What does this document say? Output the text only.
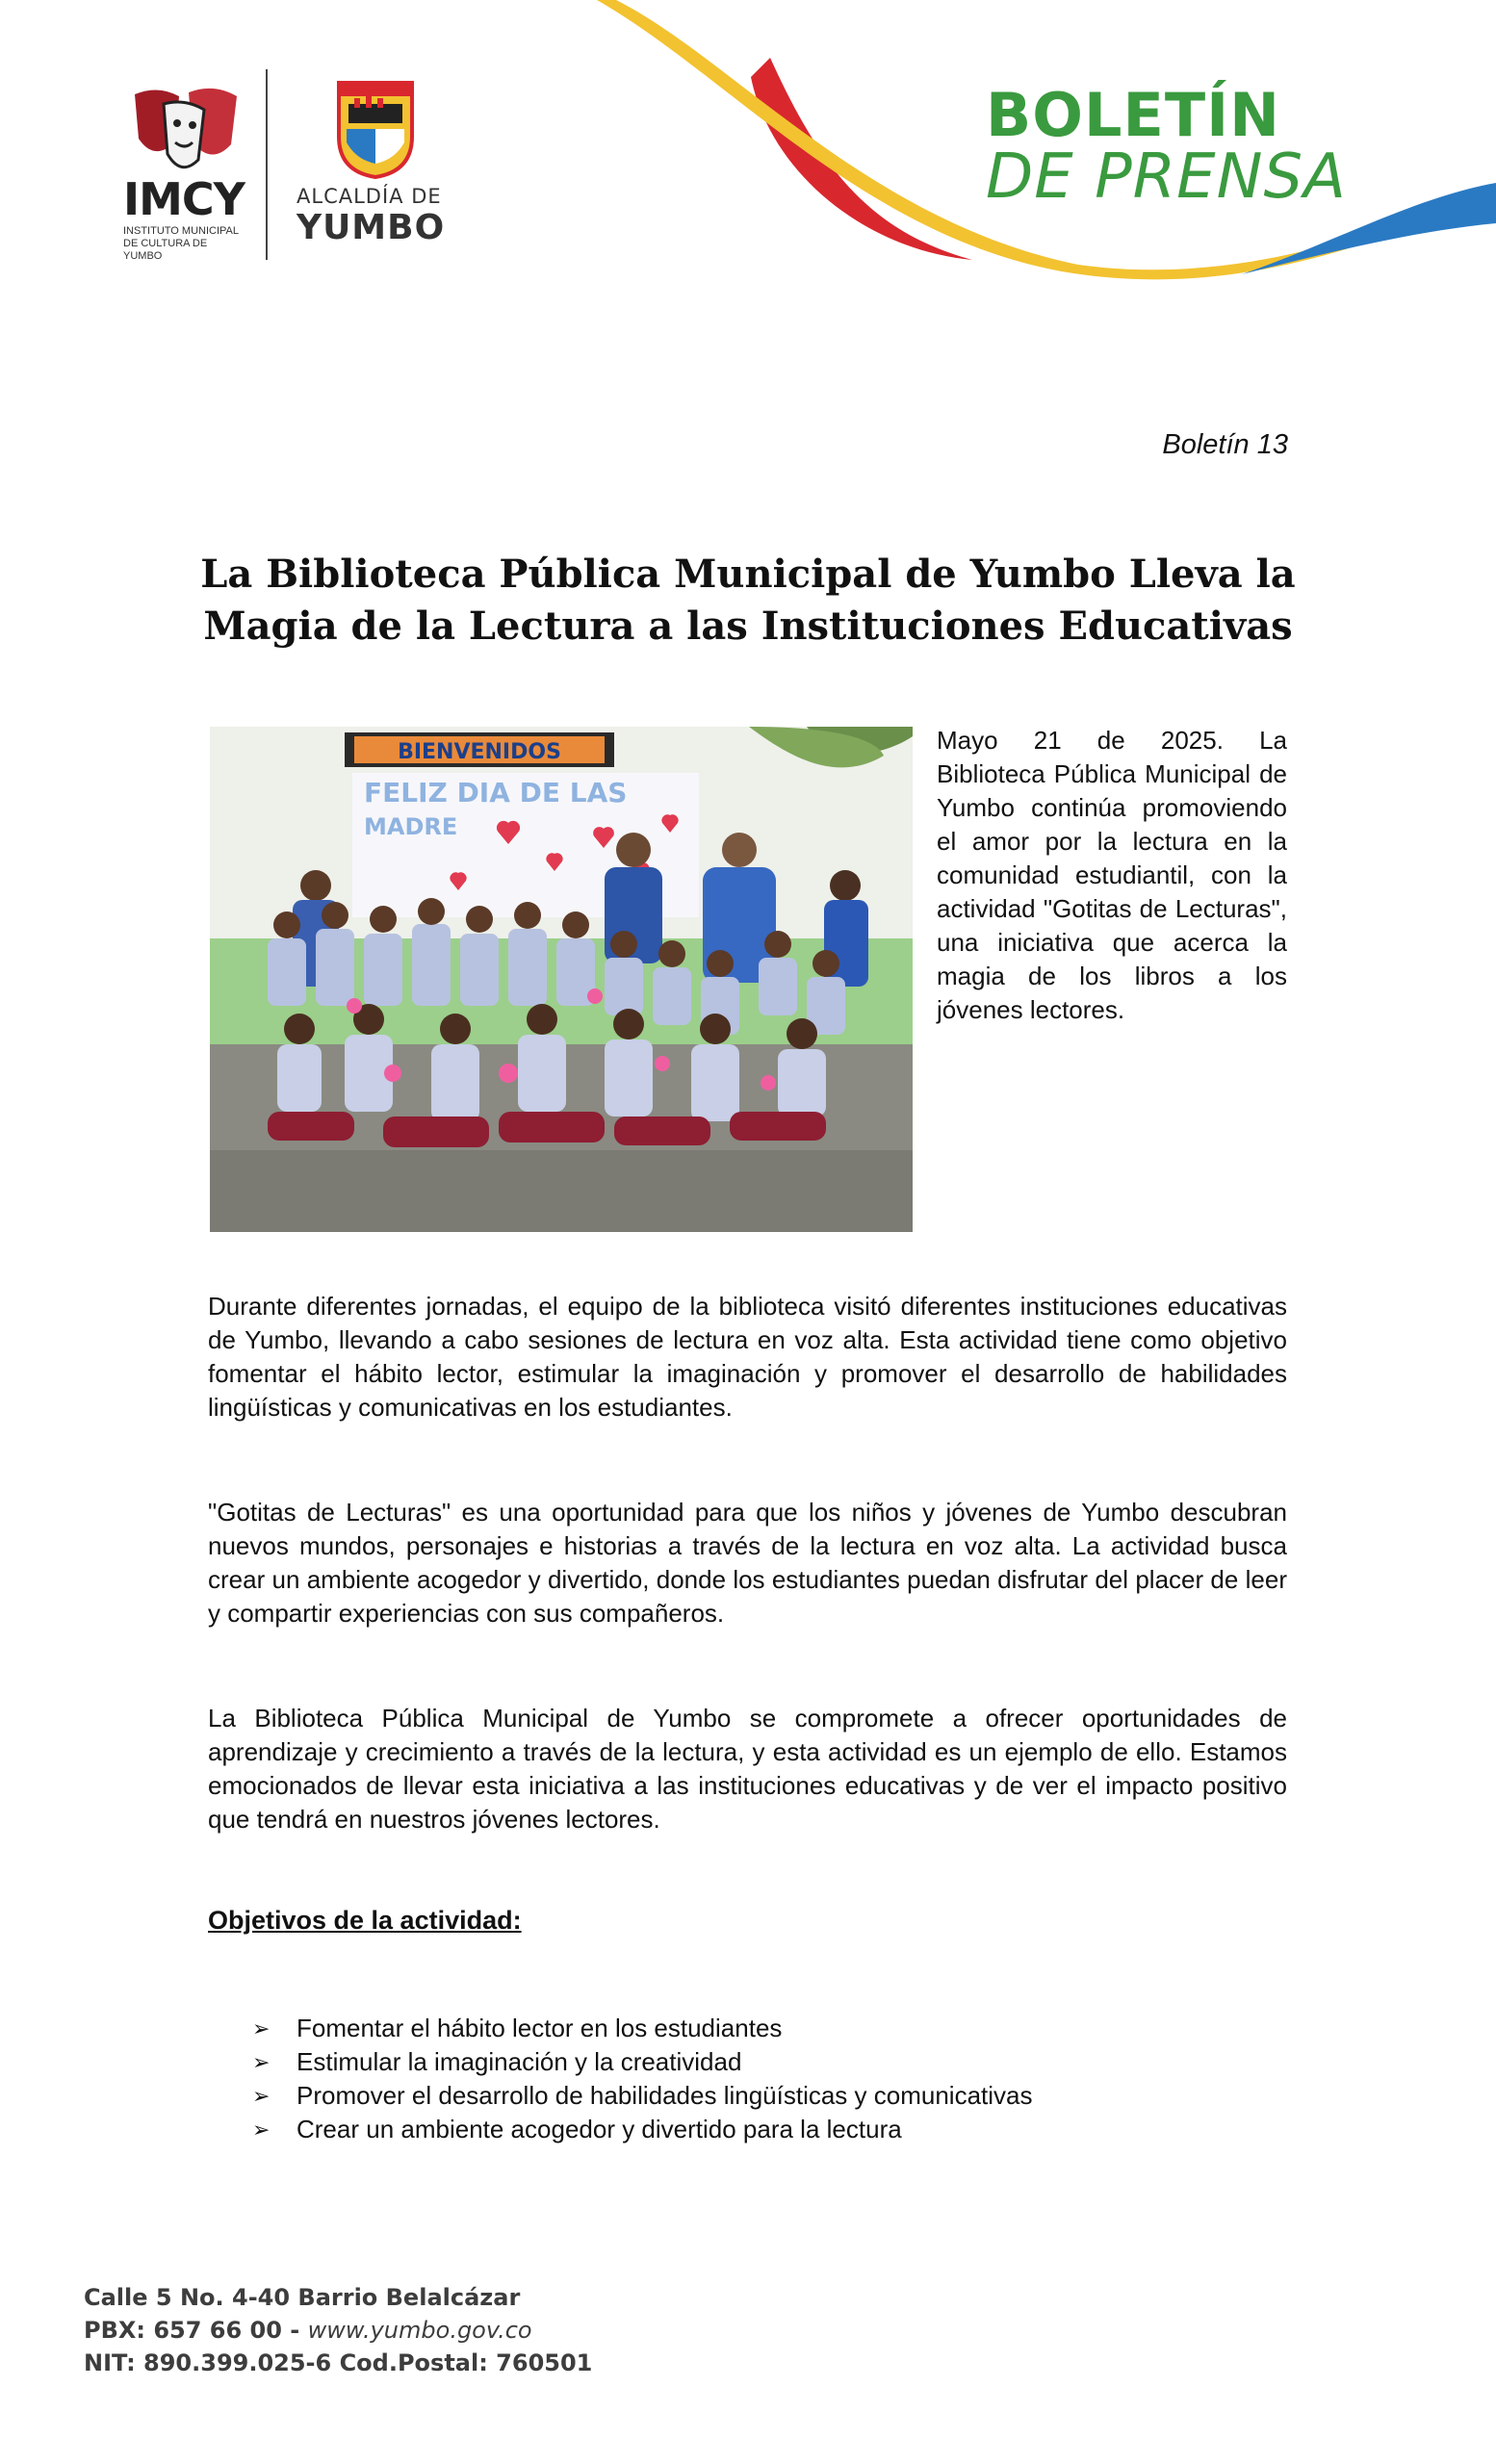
IMCY
INSTITUTO MUNICIPAL
DE CULTURA DE YUMBO
ALCALDÍA DE
YUMBO
BOLETÍN
DE PRENSA
Boletín 13
La Biblioteca Pública Municipal de Yumbo Lleva la
Magia de la Lectura a las Instituciones Educativas
BIENVENIDOS
FELIZ DIA DE LAS
MADRE
Mayo 21 de 2025. La Biblioteca Pública Municipal de Yumbo continúa promoviendo el amor por la lectura en la comunidad estudiantil, con la actividad "Gotitas de Lecturas", una iniciativa que acerca la magia de los libros a los jóvenes lectores.
Durante diferentes jornadas, el equipo de la biblioteca visitó diferentes instituciones educativas de Yumbo, llevando a cabo sesiones de lectura en voz alta. Esta actividad tiene como objetivo fomentar el hábito lector, estimular la imaginación y promover el desarrollo de habilidades lingüísticas y comunicativas en los estudiantes.
"Gotitas de Lecturas" es una oportunidad para que los niños y jóvenes de Yumbo descubran nuevos mundos, personajes e historias a través de la lectura en voz alta. La actividad busca crear un ambiente acogedor y divertido, donde los estudiantes puedan disfrutar del placer de leer y compartir experiencias con sus compañeros.
La Biblioteca Pública Municipal de Yumbo se compromete a ofrecer oportunidades de aprendizaje y crecimiento a través de la lectura, y esta actividad es un ejemplo de ello. Estamos emocionados de llevar esta iniciativa a las instituciones educativas y de ver el impacto positivo que tendrá en nuestros jóvenes lectores.
Objetivos de la actividad:
➢	Fomentar el hábito lector en los estudiantes
➢	Estimular la imaginación y la creatividad
➢	Promover el desarrollo de habilidades lingüísticas y comunicativas
➢	Crear un ambiente acogedor y divertido para la lectura
Calle 5 No. 4-40 Barrio Belalcázar
PBX: 657 66 00 - www.yumbo.gov.co
NIT: 890.399.025-6 Cod.Postal: 760501
